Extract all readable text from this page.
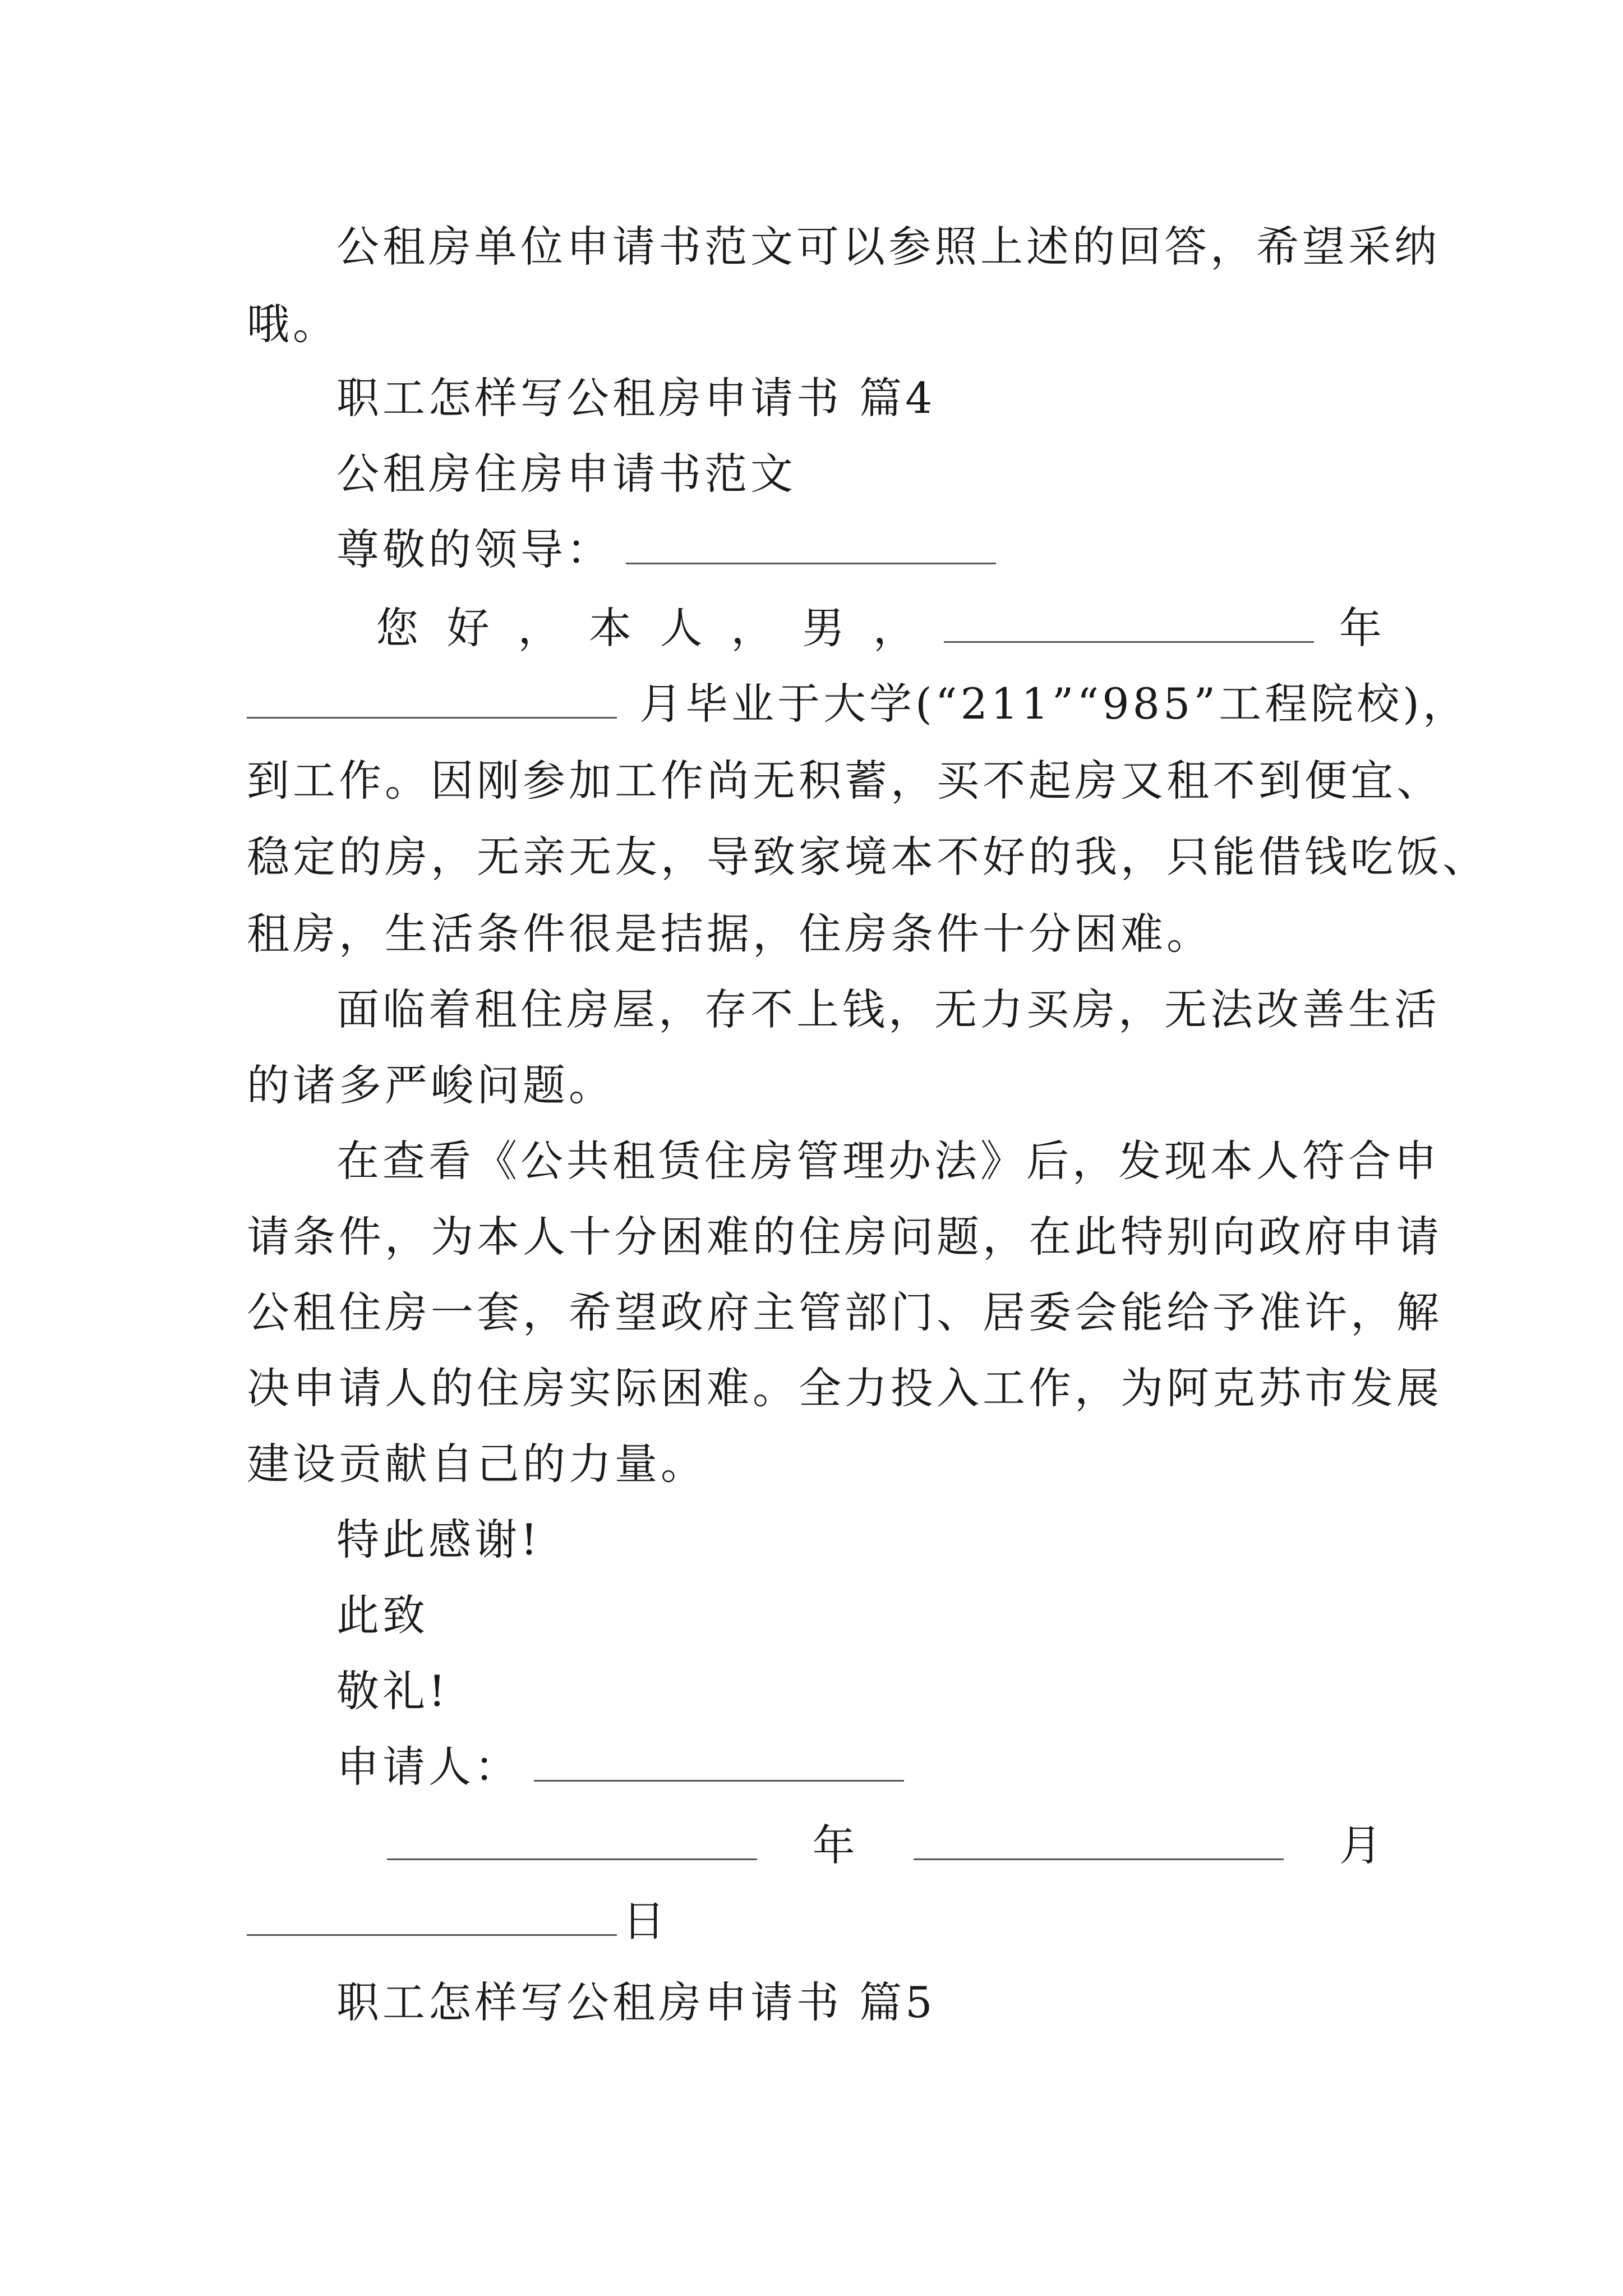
公租房单位申请书范文可以参照上述的回答，希望采纳
哦。
职工怎样写公租房申请书 篇4
公租房住房申请书范文
尊敬的领导：
您 好 ， 本 人 ， 男 ，	年
月毕业于大学(“211”“985”工程院校)，
到工作。因刚参加工作尚无积蓄，买不起房又租不到便宜、
稳定的房，无亲无友，导致家境本不好的我，只能借钱吃饭、
租房，生活条件很是拮据，住房条件十分困难。
面临着租住房屋，存不上钱，无力买房，无法改善生活
的诸多严峻问题。
在查看《公共租赁住房管理办法》后，发现本人符合申
请条件，为本人十分困难的住房问题，在此特别向政府申请
公租住房一套，希望政府主管部门、居委会能给予准许，解
决申请人的住房实际困难。全力投入工作，为阿克苏市发展
建设贡献自己的力量。
特此感谢!
此致
敬礼!
申请人：
年	月
日
职工怎样写公租房申请书 篇5
